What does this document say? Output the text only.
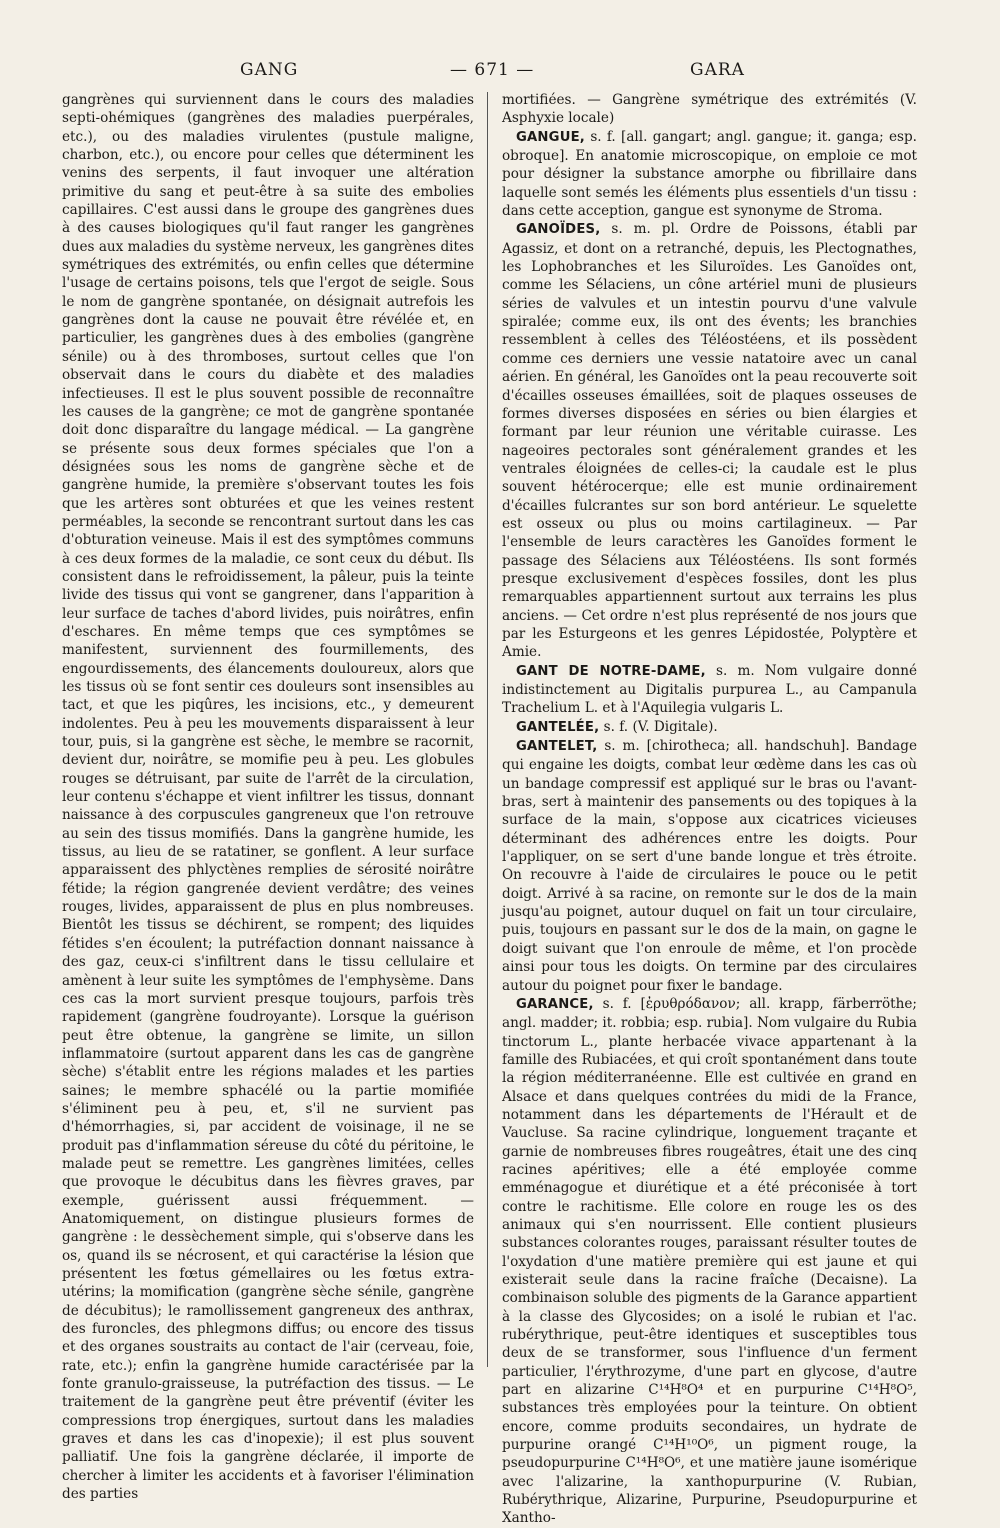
GANG	— 671 —	GARA

gangrènes qui surviennent dans le cours des maladies septi-ohémiques (gangrènes des maladies puerpérales, etc.), ou des maladies virulentes (pustule maligne, charbon, etc.), ou encore pour celles que déterminent les venins des serpents, il faut invoquer une altération primitive du sang et peut-être à sa suite des embolies capillaires. C'est aussi dans le groupe des gangrènes dues à des causes biologiques qu'il faut ranger les gangrènes dues aux maladies du système nerveux, les gangrènes dites symétriques des extrémités, ou enfin celles que détermine l'usage de certains poisons, tels que l'ergot de seigle. Sous le nom de gangrène spontanée, on désignait autrefois les gangrènes dont la cause ne pouvait être révélée et, en particulier, les gangrènes dues à des embolies (gangrène sénile) ou à des thromboses, surtout celles que l'on observait dans le cours du diabète et des maladies infectieuses. Il est le plus souvent possible de reconnaître les causes de la gangrène; ce mot de gangrène spontanée doit donc disparaître du langage médical. — La gangrène se présente sous deux formes spéciales que l'on a désignées sous les noms de gangrène sèche et de gangrène humide, la première s'observant toutes les fois que les artères sont obturées et que les veines restent perméables, la seconde se rencontrant surtout dans les cas d'obturation veineuse. Mais il est des symptômes communs à ces deux formes de la maladie, ce sont ceux du début. Ils consistent dans le refroidissement, la pâleur, puis la teinte livide des tissus qui vont se gangrener, dans l'apparition à leur surface de taches d'abord livides, puis noirâtres, enfin d'eschares. En même temps que ces symptômes se manifestent, surviennent des fourmillements, des engourdissements, des élancements douloureux, alors que les tissus où se font sentir ces douleurs sont insensibles au tact, et que les piqûres, les incisions, etc., y demeurent indolentes. Peu à peu les mouvements disparaissent à leur tour, puis, si la gangrène est sèche, le membre se racornit, devient dur, noirâtre, se momifie peu à peu. Les globules rouges se détruisant, par suite de l'arrêt de la circulation, leur contenu s'échappe et vient infiltrer les tissus, donnant naissance à des corpuscules gangreneux que l'on retrouve au sein des tissus momifiés. Dans la gangrène humide, les tissus, au lieu de se ratatiner, se gonflent. A leur surface apparaissent des phlyctènes remplies de sérosité noirâtre fétide; la région gangrenée devient verdâtre; des veines rouges, livides, apparaissent de plus en plus nombreuses. Bientôt les tissus se déchirent, se rompent; des liquides fétides s'en écoulent; la putréfaction donnant naissance à des gaz, ceux-ci s'infiltrent dans le tissu cellulaire et amènent à leur suite les symptômes de l'emphysème. Dans ces cas la mort survient presque toujours, parfois très rapidement (gangrène foudroyante). Lorsque la guérison peut être obtenue, la gangrène se limite, un sillon inflammatoire (surtout apparent dans les cas de gangrène sèche) s'établit entre les régions malades et les parties saines; le membre sphacélé ou la partie momifiée s'éliminent peu à peu, et, s'il ne survient pas d'hémorrhagies, si, par accident de voisinage, il ne se produit pas d'inflammation séreuse du côté du péritoine, le malade peut se remettre. Les gangrènes limitées, celles que provoque le décubitus dans les fièvres graves, par exemple, guérissent aussi fréquemment. — Anatomiquement, on distingue plusieurs formes de gangrène : le dessèchement simple, qui s'observe dans les os, quand ils se nécrosent, et qui caractérise la lésion que présentent les fœtus gémellaires ou les fœtus extra-utérins; la momification (gangrène sèche sénile, gangrène de décubitus); le ramollissement gangreneux des anthrax, des furoncles, des phlegmons diffus; ou encore des tissus et des organes soustraits au contact de l'air (cerveau, foie, rate, etc.); enfin la gangrène humide caractérisée par la fonte granulo-graisseuse, la putréfaction des tissus. — Le traitement de la gangrène peut être préventif (éviter les compressions trop énergiques, surtout dans les maladies graves et dans les cas d'inopexie); il est plus souvent palliatif. Une fois la gangrène déclarée, il importe de chercher à limiter les accidents et à favoriser l'élimination des parties

mortifiées. — Gangrène symétrique des extrémités (V. Asphyxie locale)

GANGUE, s. f. [all. gangart; angl. gangue; it. ganga; esp. obroque]. En anatomie microscopique, on emploie ce mot pour désigner la substance amorphe ou fibrillaire dans laquelle sont semés les éléments plus essentiels d'un tissu : dans cette acception, gangue est synonyme de Stroma.

GANOÏDES, s. m. pl. Ordre de Poissons, établi par Agassiz, et dont on a retranché, depuis, les Plectognathes, les Lophobranches et les Siluroïdes. Les Ganoïdes ont, comme les Sélaciens, un cône artériel muni de plusieurs séries de valvules et un intestin pourvu d'une valvule spiralée; comme eux, ils ont des évents; les branchies ressemblent à celles des Téléostéens, et ils possèdent comme ces derniers une vessie natatoire avec un canal aérien. En général, les Ganoïdes ont la peau recouverte soit d'écailles osseuses émaillées, soit de plaques osseuses de formes diverses disposées en séries ou bien élargies et formant par leur réunion une véritable cuirasse. Les nageoires pectorales sont généralement grandes et les ventrales éloignées de celles-ci; la caudale est le plus souvent hétérocerque; elle est munie ordinairement d'écailles fulcrantes sur son bord antérieur. Le squelette est osseux ou plus ou moins cartilagineux. — Par l'ensemble de leurs caractères les Ganoïdes forment le passage des Sélaciens aux Téléostéens. Ils sont formés presque exclusivement d'espèces fossiles, dont les plus remarquables appartiennent surtout aux terrains les plus anciens. — Cet ordre n'est plus représenté de nos jours que par les Esturgeons et les genres Lépidostée, Polyptère et Amie.

GANT DE NOTRE-DAME, s. m. Nom vulgaire donné indistinctement au Digitalis purpurea L., au Campanula Trachelium L. et à l'Aquilegia vulgaris L.

GANTELÉE, s. f. (V. Digitale).

GANTELET, s. m. [chirotheca; all. handschuh]. Bandage qui engaine les doigts, combat leur œdème dans les cas où un bandage compressif est appliqué sur le bras ou l'avant-bras, sert à maintenir des pansements ou des topiques à la surface de la main, s'oppose aux cicatrices vicieuses déterminant des adhérences entre les doigts. Pour l'appliquer, on se sert d'une bande longue et très étroite. On recouvre à l'aide de circulaires le pouce ou le petit doigt. Arrivé à sa racine, on remonte sur le dos de la main jusqu'au poignet, autour duquel on fait un tour circulaire, puis, toujours en passant sur le dos de la main, on gagne le doigt suivant que l'on enroule de même, et l'on procède ainsi pour tous les doigts. On termine par des circulaires autour du poignet pour fixer le bandage.

GARANCE, s. f. [ἐρυθρόδανον; all. krapp, färberröthe; angl. madder; it. robbia; esp. rubia]. Nom vulgaire du Rubia tinctorum L., plante herbacée vivace appartenant à la famille des Rubiacées, et qui croît spontanément dans toute la région méditerranéenne. Elle est cultivée en grand en Alsace et dans quelques contrées du midi de la France, notamment dans les départements de l'Hérault et de Vaucluse. Sa racine cylindrique, longuement traçante et garnie de nombreuses fibres rougeâtres, était une des cinq racines apéritives; elle a été employée comme emménagogue et diurétique et a été préconisée à tort contre le rachitisme. Elle colore en rouge les os des animaux qui s'en nourrissent. Elle contient plusieurs substances colorantes rouges, paraissant résulter toutes de l'oxydation d'une matière première qui est jaune et qui existerait seule dans la racine fraîche (Decaisne). La combinaison soluble des pigments de la Garance appartient à la classe des Glycosides; on a isolé le rubian et l'ac. rubérythrique, peut-être identiques et susceptibles tous deux de se transformer, sous l'influence d'un ferment particulier, l'érythrozyme, d'une part en glycose, d'autre part en alizarine C¹⁴H⁸O⁴ et en purpurine C¹⁴H⁸O⁵, substances très employées pour la teinture. On obtient encore, comme produits secondaires, un hydrate de purpurine orangé C¹⁴H¹⁰O⁶, un pigment rouge, la pseudopurpurine C¹⁴H⁸O⁶, et une matière jaune isomérique avec l'alizarine, la xanthopurpurine (V. Rubian, Rubérythrique, Alizarine, Purpurine, Pseudopurpurine et Xantho-
